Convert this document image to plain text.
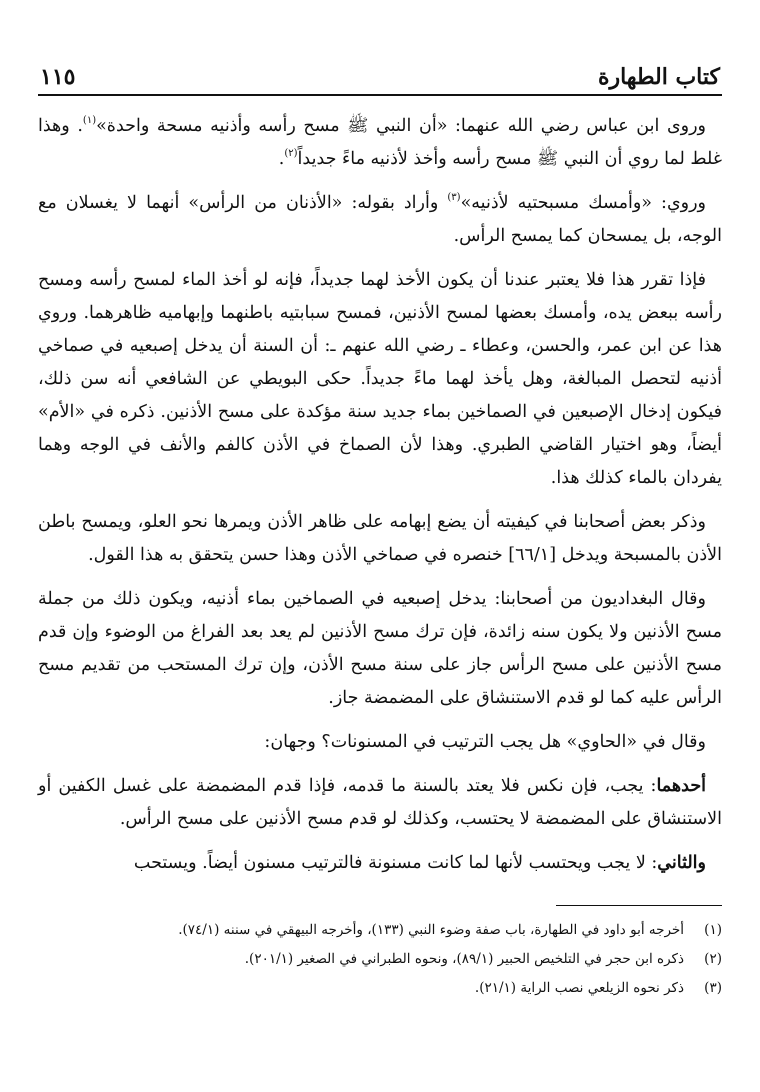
كتاب الطهارة
١١٥

وروى ابن عباس رضي الله عنهما: «أن النبي ﷺ مسح رأسه وأذنيه مسحة واحدة»$^{(١)}$. وهذا غلط لما روي أن النبي ﷺ مسح رأسه وأخذ لأذنيه ماءً جديداً$^{(٢)}$.

وروي: «وأمسك مسبحتيه لأذنيه»$^{(٣)}$ وأراد بقوله: «الأذنان من الرأس» أنهما لا يغسلان مع الوجه، بل يمسحان كما يمسح الرأس.

فإذا تقرر هذا فلا يعتبر عندنا أن يكون الأخذ لهما جديداً، فإنه لو أخذ الماء لمسح رأسه ومسح رأسه ببعض يده، وأمسك بعضها لمسح الأذنين، فمسح سبابتيه باطنهما وإبهاميه ظاهرهما. وروي هذا عن ابن عمر، والحسن، وعطاء ـ رضي الله عنهم ـ: أن السنة أن يدخل إصبعيه في صماخي أذنيه لتحصل المبالغة، وهل يأخذ لهما ماءً جديداً. حكى البويطي عن الشافعي أنه سن ذلك، فيكون إدخال الإصبعين في الصماخين بماء جديد سنة مؤكدة على مسح الأذنين. ذكره في «الأم» أيضاً، وهو اختيار القاضي الطبري. وهذا لأن الصماخ في الأذن كالفم والأنف في الوجه وهما يفردان بالماء كذلك هذا.

وذكر بعض أصحابنا في كيفيته أن يضع إبهامه على ظاهر الأذن ويمرها نحو العلو، ويمسح باطن الأذن بالمسبحة ويدخل [٦٦/١] خنصره في صماخي الأذن وهذا حسن يتحقق به هذا القول.

وقال البغداديون من أصحابنا: يدخل إصبعيه في الصماخين بماء أذنيه، ويكون ذلك من جملة مسح الأذنين ولا يكون سنه زائدة، فإن ترك مسح الأذنين لم يعد بعد الفراغ من الوضوء وإن قدم مسح الأذنين على مسح الرأس جاز على سنة مسح الأذن، وإن ترك المستحب من تقديم مسح الرأس عليه كما لو قدم الاستنشاق على المضمضة جاز.

وقال في «الحاوي» هل يجب الترتيب في المسنونات؟ وجهان:

أحدهما: يجب، فإن نكس فلا يعتد بالسنة ما قدمه، فإذا قدم المضمضة على غسل الكفين أو الاستنشاق على المضمضة لا يحتسب، وكذلك لو قدم مسح الأذنين على مسح الرأس.

والثاني: لا يجب ويحتسب لأنها لما كانت مسنونة فالترتيب مسنون أيضاً. ويستحب

(١)
أخرجه أبو داود في الطهارة، باب صفة وضوء النبي (١٣٣)، وأخرجه البيهقي في سننه (٧٤/١).
(٢)
ذكره ابن حجر في التلخيص الحبير (٨٩/١)، ونحوه الطبراني في الصغير (٢٠١/١).
(٣)
ذكر نحوه الزيلعي نصب الراية (٢١/١).
